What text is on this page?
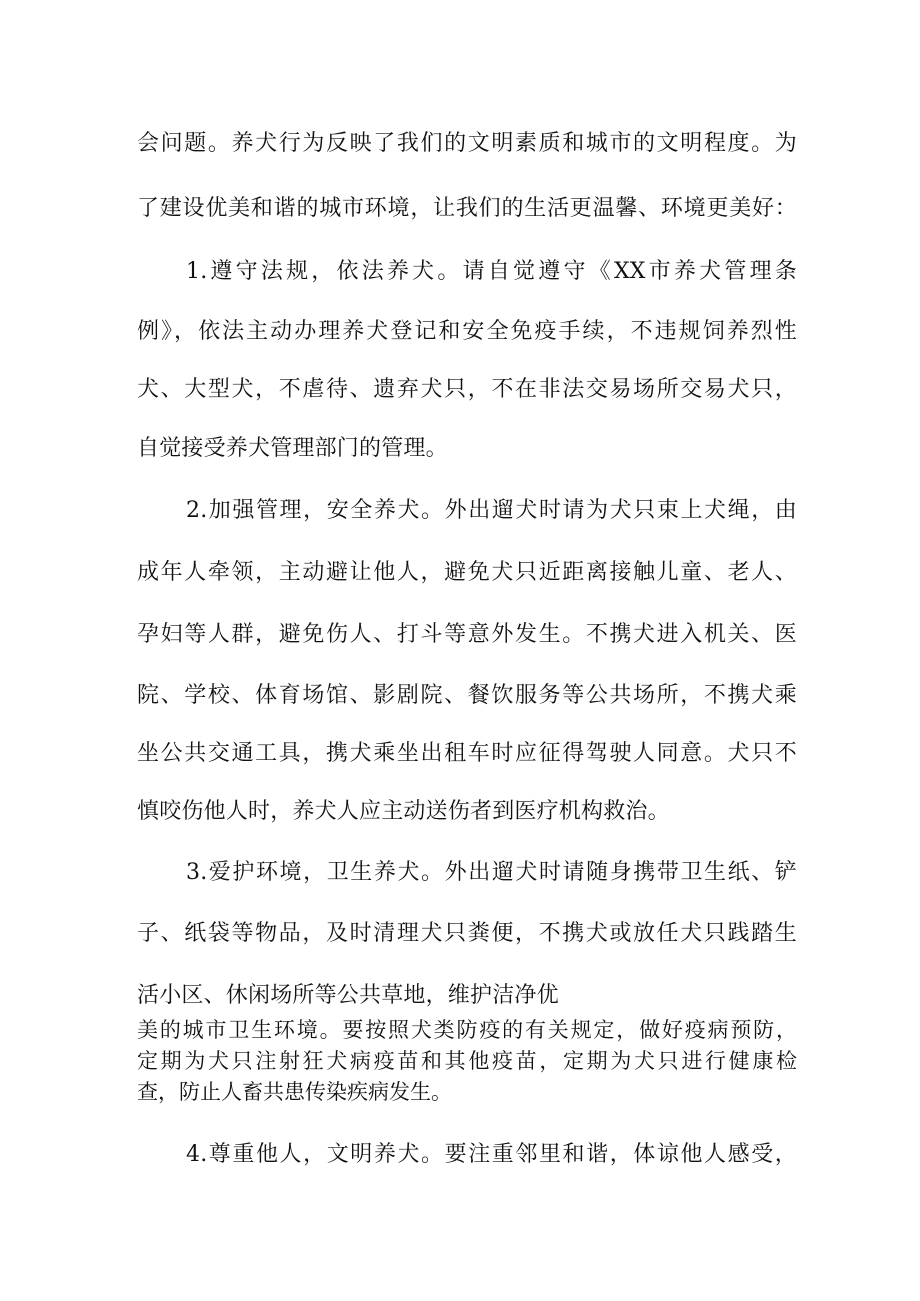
会问题。养犬行为反映了我们的文明素质和城市的文明程度。为
了建设优美和谐的城市环境，让我们的生活更温馨、环境更美好：
1.遵守法规，依法养犬。请自觉遵守《XX市养犬管理条
例》，依法主动办理养犬登记和安全免疫手续，不违规饲养烈性
犬、大型犬，不虐待、遗弃犬只，不在非法交易场所交易犬只，
自觉接受养犬管理部门的管理。
2.加强管理，安全养犬。外出遛犬时请为犬只束上犬绳，由
成年人牵领，主动避让他人，避免犬只近距离接触儿童、老人、
孕妇等人群，避免伤人、打斗等意外发生。不携犬进入机关、医
院、学校、体育场馆、影剧院、餐饮服务等公共场所，不携犬乘
坐公共交通工具，携犬乘坐出租车时应征得驾驶人同意。犬只不
慎咬伤他人时，养犬人应主动送伤者到医疗机构救治。
3.爱护环境，卫生养犬。外出遛犬时请随身携带卫生纸、铲
子、纸袋等物品，及时清理犬只粪便，不携犬或放任犬只践踏生
活小区、休闲场所等公共草地，维护洁净优
美的城市卫生环境。要按照犬类防疫的有关规定，做好疫病预防，
定期为犬只注射狂犬病疫苗和其他疫苗，定期为犬只进行健康检
查，防止人畜共患传染疾病发生。
4.尊重他人，文明养犬。要注重邻里和谐，体谅他人感受，
